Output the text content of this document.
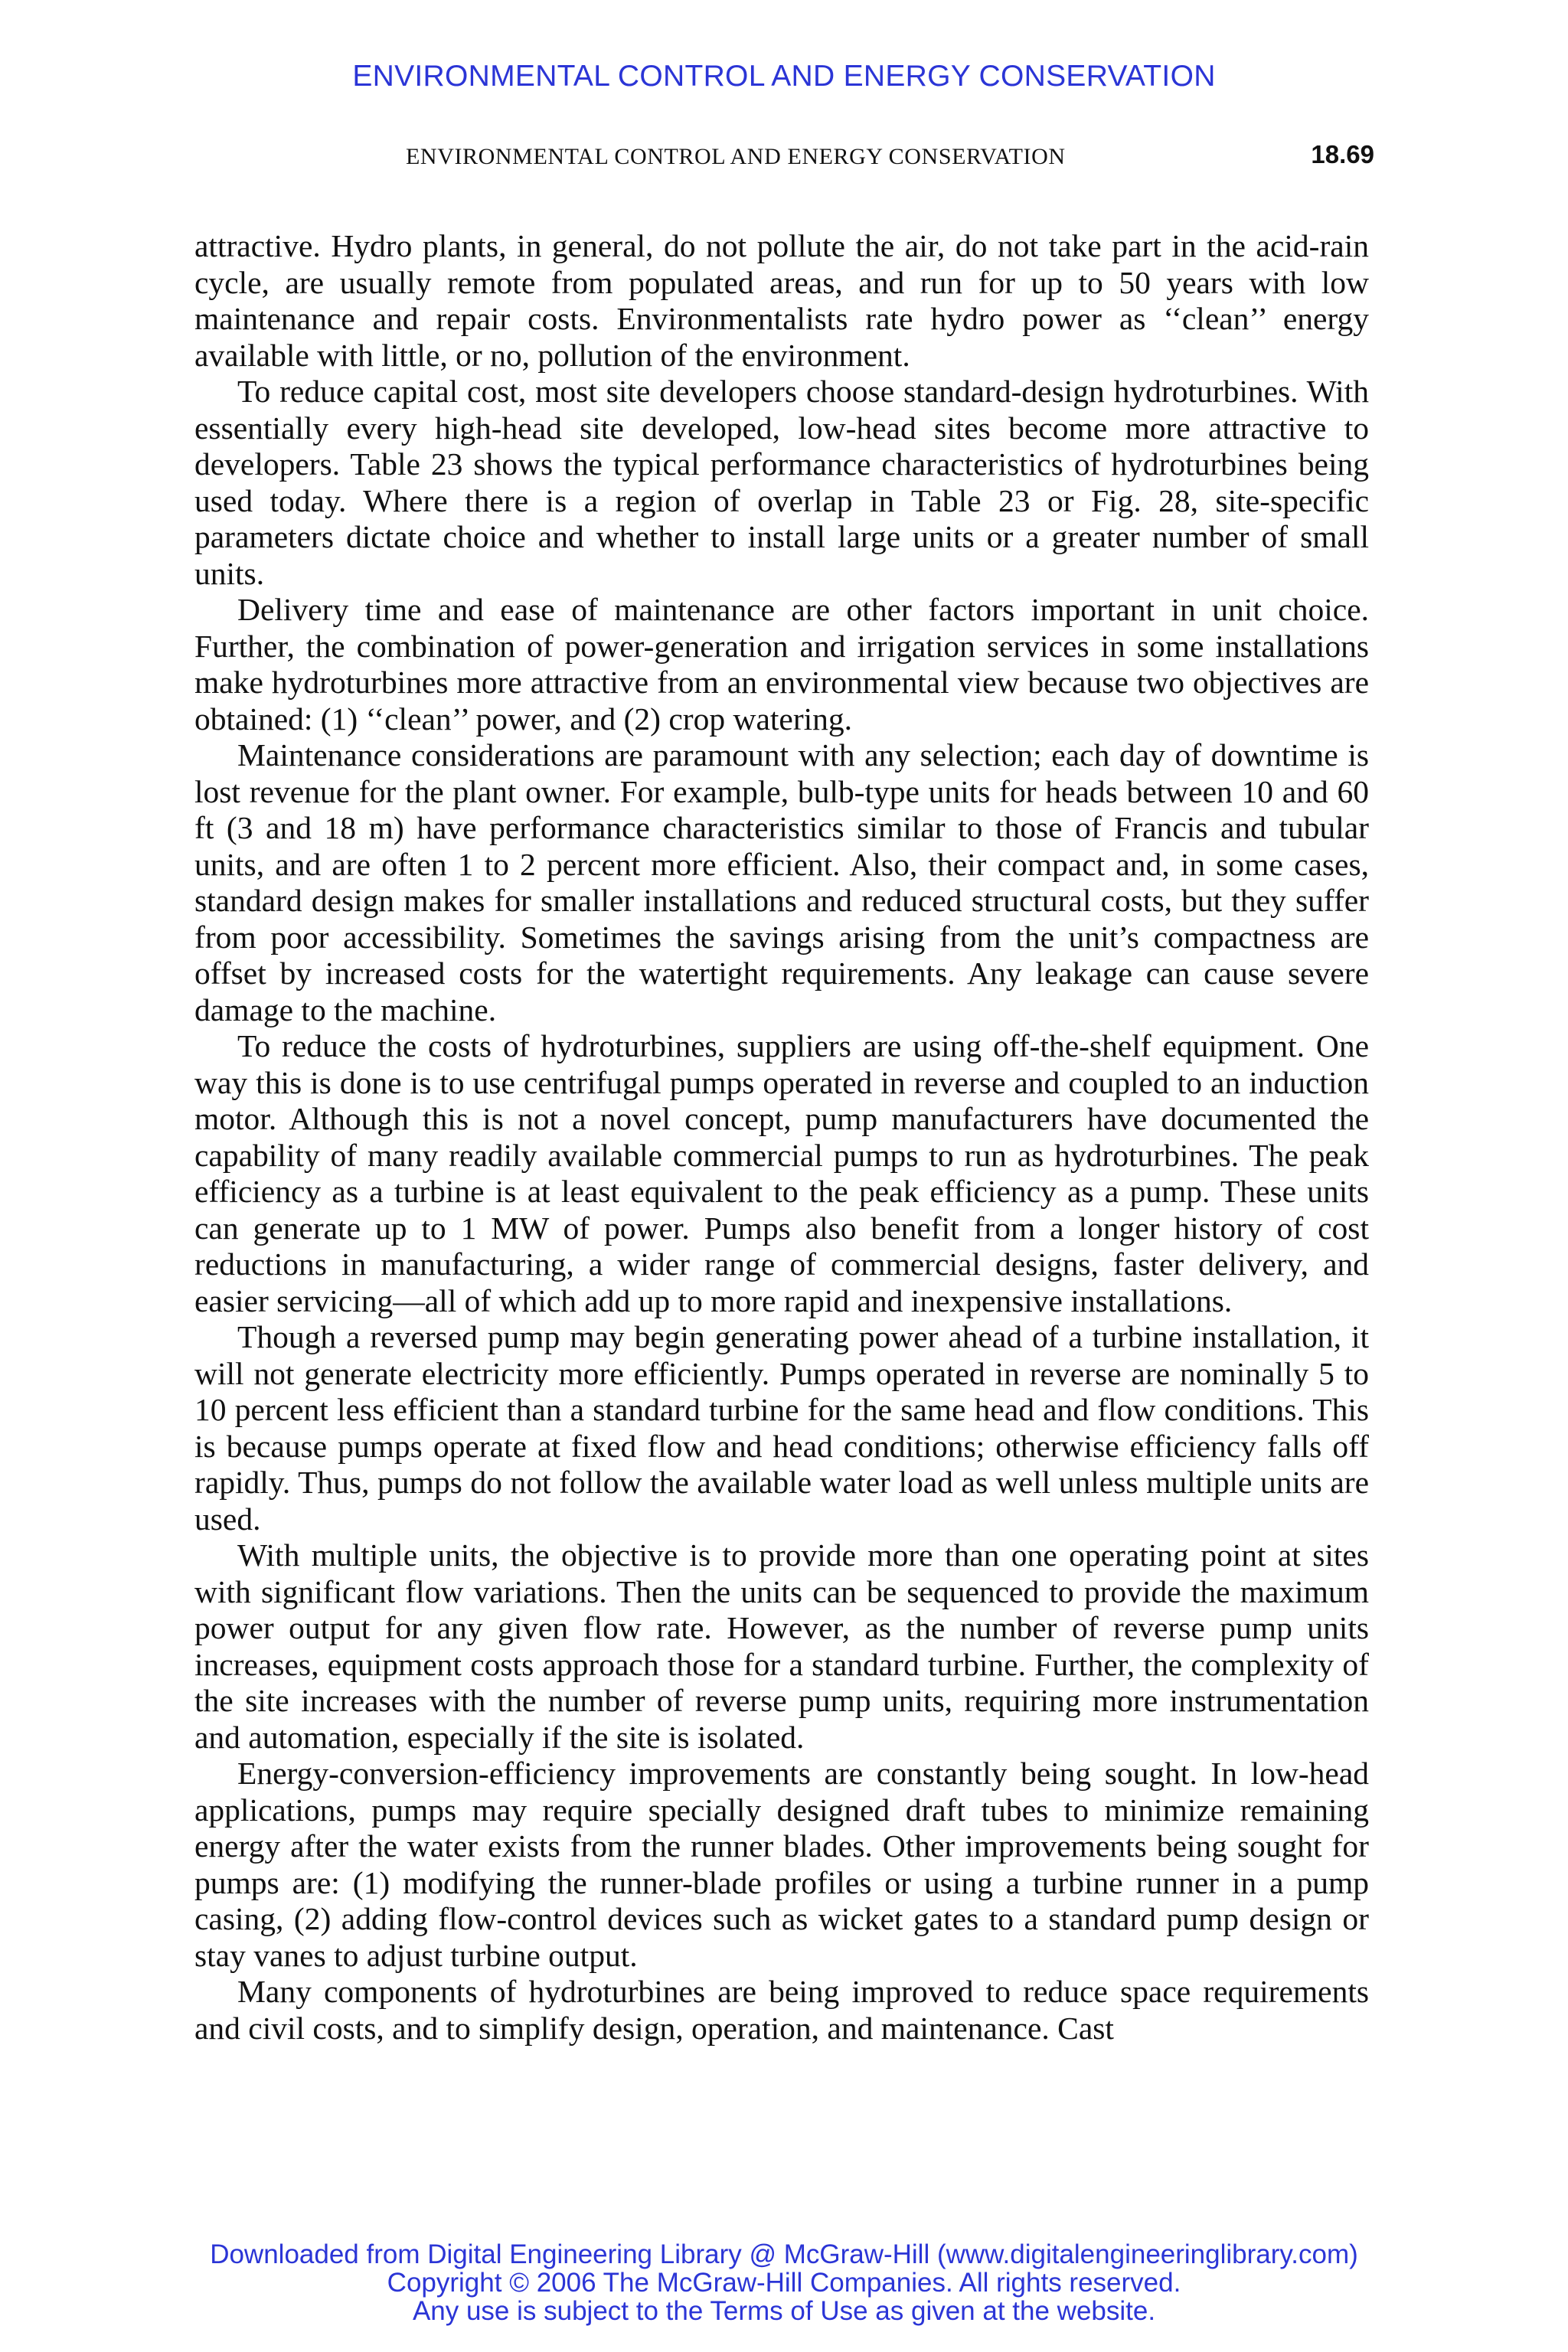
ENVIRONMENTAL CONTROL AND ENERGY CONSERVATION
ENVIRONMENTAL CONTROL AND ENERGY CONSERVATION	18.69

attractive. Hydro plants, in general, do not pollute the air, do not take part in the acid-rain cycle, are usually remote from populated areas, and run for up to 50 years with low maintenance and repair costs. Environmentalists rate hydro power as ‘‘clean’’ energy available with little, or no, pollution of the environment.

To reduce capital cost, most site developers choose standard-design hydroturbines. With essentially every high-head site developed, low-head sites become more attractive to developers. Table 23 shows the typical performance characteristics of hydroturbines being used today. Where there is a region of overlap in Table 23 or Fig. 28, site-specific parameters dictate choice and whether to install large units or a greater number of small units.

Delivery time and ease of maintenance are other factors important in unit choice. Further, the combination of power-generation and irrigation services in some installations make hydroturbines more attractive from an environmental view because two objectives are obtained: (1) ‘‘clean’’ power, and (2) crop watering.

Maintenance considerations are paramount with any selection; each day of downtime is lost revenue for the plant owner. For example, bulb-type units for heads between 10 and 60 ft (3 and 18 m) have performance characteristics similar to those of Francis and tubular units, and are often 1 to 2 percent more efficient. Also, their compact and, in some cases, standard design makes for smaller installations and reduced structural costs, but they suffer from poor accessibility. Sometimes the savings arising from the unit’s compactness are offset by increased costs for the watertight requirements. Any leakage can cause severe damage to the machine.

To reduce the costs of hydroturbines, suppliers are using off-the-shelf equipment. One way this is done is to use centrifugal pumps operated in reverse and coupled to an induction motor. Although this is not a novel concept, pump manufacturers have documented the capability of many readily available commercial pumps to run as hydroturbines. The peak efficiency as a turbine is at least equivalent to the peak efficiency as a pump. These units can generate up to 1 MW of power. Pumps also benefit from a longer history of cost reductions in manufacturing, a wider range of commercial designs, faster delivery, and easier servicing—all of which add up to more rapid and inexpensive installations.

Though a reversed pump may begin generating power ahead of a turbine installation, it will not generate electricity more efficiently. Pumps operated in reverse are nominally 5 to 10 percent less efficient than a standard turbine for the same head and flow conditions. This is because pumps operate at fixed flow and head conditions; otherwise efficiency falls off rapidly. Thus, pumps do not follow the available water load as well unless multiple units are used.

With multiple units, the objective is to provide more than one operating point at sites with significant flow variations. Then the units can be sequenced to provide the maximum power output for any given flow rate. However, as the number of reverse pump units increases, equipment costs approach those for a standard turbine. Further, the complexity of the site increases with the number of reverse pump units, requiring more instrumentation and automation, especially if the site is isolated.

Energy-conversion-efficiency improvements are constantly being sought. In low-head applications, pumps may require specially designed draft tubes to minimize remaining energy after the water exists from the runner blades. Other improvements being sought for pumps are: (1) modifying the runner-blade profiles or using a turbine runner in a pump casing, (2) adding flow-control devices such as wicket gates to a standard pump design or stay vanes to adjust turbine output.

Many components of hydroturbines are being improved to reduce space requirements and civil costs, and to simplify design, operation, and maintenance. Cast

Downloaded from Digital Engineering Library @ McGraw-Hill (www.digitalengineeringlibrary.com)
Copyright © 2006 The McGraw-Hill Companies. All rights reserved.
Any use is subject to the Terms of Use as given at the website.
